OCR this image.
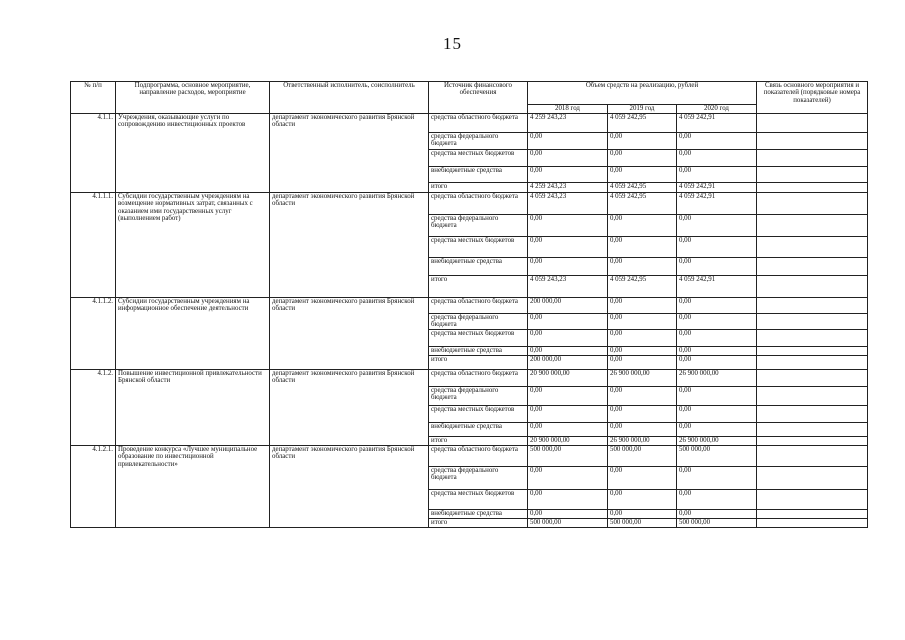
15
№ п/п	Подпрограмма, основное мероприятие, направление расходов, мероприятие	Ответственный исполнитель, соисполнитель	Источник финансового обеспечения	Объем средств на реализацию, рублей			Связь основного мероприятия и показателей (порядковые номера показателей)
				2018 год	2019 год	2020 год	
4.1.1.	Учреждения, оказывающие услуги по сопровождению инвестиционных проектов	департамент экономического развития Брянской области	средства областного бюджета	4 259 243,23	4 059 242,95	4 059 242,91	
			средства федерального бюджета	0,00	0,00	0,00	
			средства местных бюджетов	0,00	0,00	0,00	
			внебюджетные средства	0,00	0,00	0,00	
			итого	4 259 243,23	4 059 242,95	4 059 242,91	
4.1.1.1.	Субсидии государственным учреждениям на возмещение нормативных затрат, связанных с оказанием ими государственных услуг (выполнением работ)	департамент экономического развития Брянской области	средства областного бюджета	4 059 243,23	4 059 242,95	4 059 242,91	
			средства федерального бюджета	0,00	0,00	0,00	
			средства местных бюджетов	0,00	0,00	0,00	
			внебюджетные средства	0,00	0,00	0,00	
			итого	4 059 243,23	4 059 242,95	4 059 242,91	
4.1.1.2.	Субсидии государственным учреждениям на информационное обеспечение деятельности	департамент экономического развития Брянской области	средства областного бюджета	200 000,00	0,00	0,00	
			средства федерального бюджета	0,00	0,00	0,00	
			средства местных бюджетов	0,00	0,00	0,00	
			внебюджетные средства	0,00	0,00	0,00	
			итого	200 000,00	0,00	0,00	
4.1.2.	Повышение инвестиционной привлекательности Брянской области	департамент экономического развития Брянской области	средства областного бюджета	20 900 000,00	26 900 000,00	26 900 000,00	
			средства федерального бюджета	0,00	0,00	0,00	
			средства местных бюджетов	0,00	0,00	0,00	
			внебюджетные средства	0,00	0,00	0,00	
			итого	20 900 000,00	26 900 000,00	26 900 000,00	
4.1.2.1.	Проведение конкурса «Лучшее муниципальное образование по инвестиционной привлекательности»	департамент экономического развития Брянской области	средства областного бюджета	500 000,00	500 000,00	500 000,00	
			средства федерального бюджета	0,00	0,00	0,00	
			средства местных бюджетов	0,00	0,00	0,00	
			внебюджетные средства	0,00	0,00	0,00	
			итого	500 000,00	500 000,00	500 000,00	
